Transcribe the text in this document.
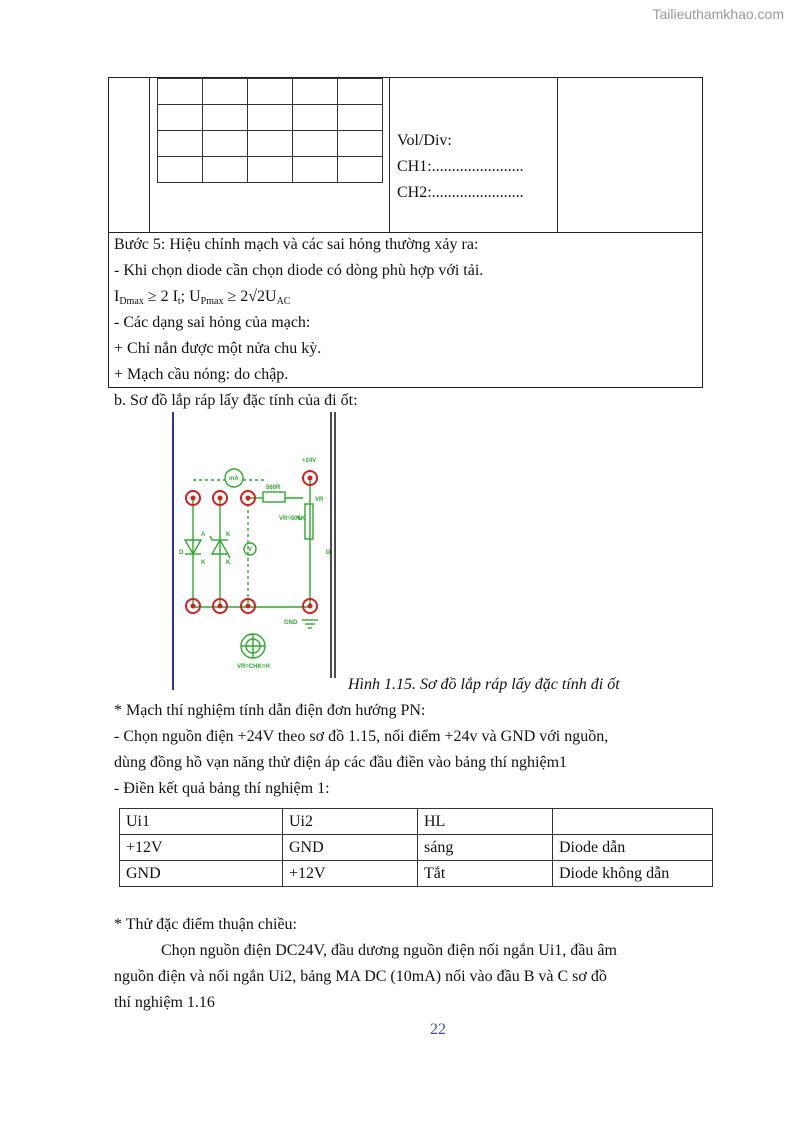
Tailieuthamkhao.com

Vol/Div:
CH1:.......................
CH2:.......................
Bước 5: Hiệu chỉnh mạch và các sai hỏng thường xảy ra:
- Khi chọn diode cần chọn diode có dòng phù hợp với tải.
IDmax ≥ 2 It; UPmax ≥ 2√2UAC
- Các dạng sai hỏng của mạch:
+ Chỉ nắn được một nửa chu kỳ.
+ Mạch cầu nóng: do chập.
b. Sơ đồ lắp ráp lấy đặc tính của đi ốt:
+24V
mA
560R
VR
VR=500K
V
A
K
K
K
GND
VR=CHK=H
D	D
Hình 1.15. Sơ đồ lắp ráp lấy đặc tính đi ốt
* Mạch thí nghiệm tính dẫn điện đơn hướng PN:
- Chọn nguồn điện +24V theo sơ đồ 1.15, nối điểm +24v và GND với nguồn,
dùng đồng hồ vạn năng thử điện áp các đầu điền vào bảng thí nghiệm1
- Điền kết quả bảng thí nghiệm 1:
Ui1	Ui2	HL	
+12V	GND	sáng	Diode dẫn
GND	+12V	Tắt	Diode không dẫn
* Thử đặc điểm thuận chiều:
Chọn nguồn điện DC24V, đầu dương nguồn điện nối ngắn Ui1, đầu âm
nguồn điện và nối ngắn Ui2, bảng MA DC (10mA) nối vào đầu B và C sơ đồ
thí nghiệm 1.16
22
